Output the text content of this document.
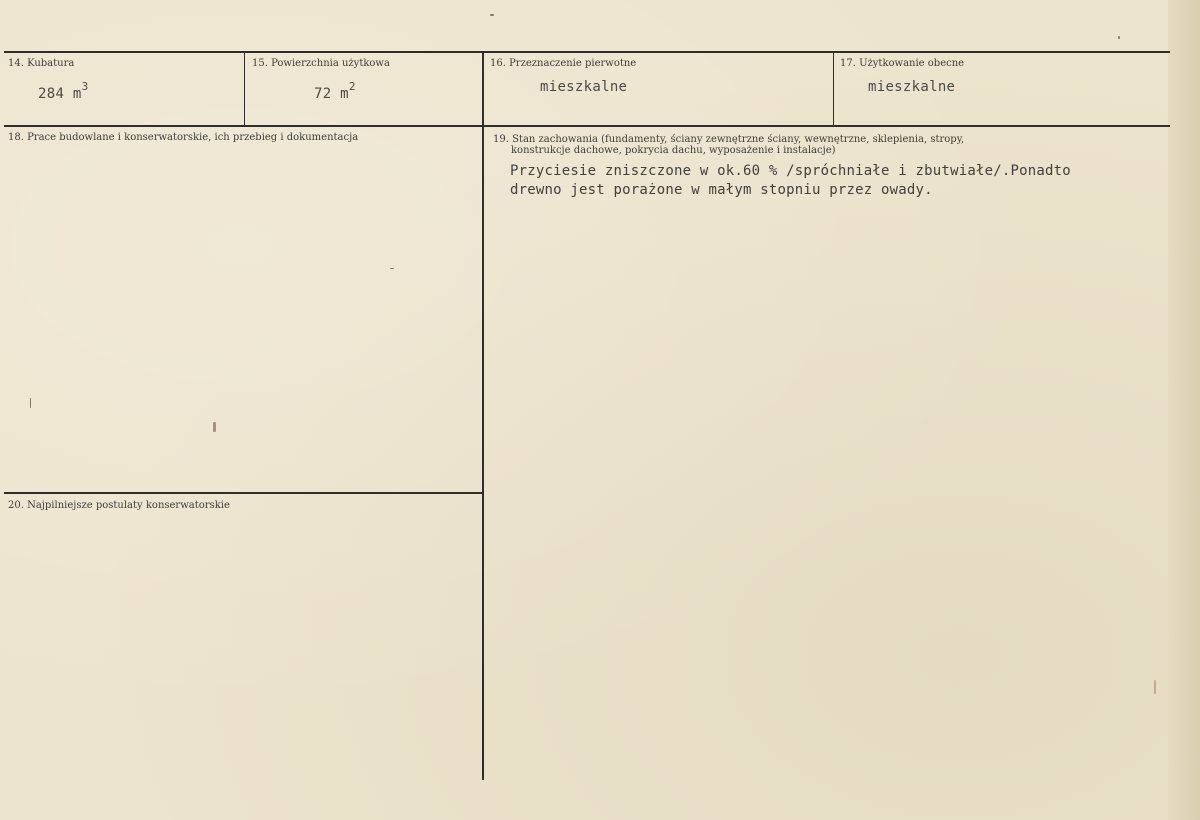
14. Kubatura
284 $m^3$
15. Powierzchnia użytkowa
72 $m^2$
16. Przeznaczenie pierwotne
mieszkalne
17. Użytkowanie obecne
mieszkalne
18. Prace budowlane i konserwatorskie, ich przebieg i dokumentacja	19. Stan zachowania (fundamenty, ściany zewnętrzne ściany, wewnętrzne, sklepienia, stropy,
konstrukcje dachowe, pokrycia dachu, wyposażenie i instalacje)
Przyciesie zniszczone w ok.60 % /spróchniałe i zbutwiałe/.Ponadto
drewno jest porażone w małym stopniu przez owady.
20. Najpilniejsze postulaty konserwatorskie
